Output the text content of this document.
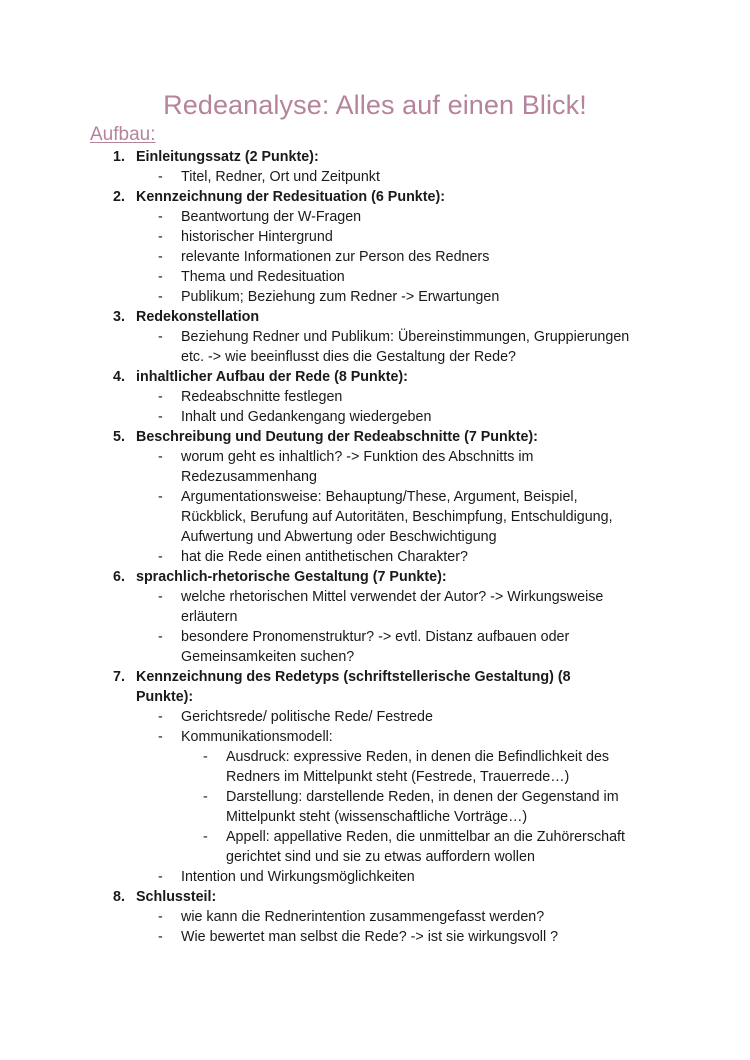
Redeanalyse: Alles auf einen Blick!
Aufbau:
1. Einleitungssatz (2 Punkte):
- Titel, Redner, Ort und Zeitpunkt
2. Kennzeichnung der Redesituation (6 Punkte):
- Beantwortung der W-Fragen
- historischer Hintergrund
- relevante Informationen zur Person des Redners
- Thema und Redesituation
- Publikum; Beziehung zum Redner -> Erwartungen
3. Redekonstellation
- Beziehung Redner und Publikum: Übereinstimmungen, Gruppierungen
etc. -> wie beeinflusst dies die Gestaltung der Rede?
4. inhaltlicher Aufbau der Rede (8 Punkte):
- Redeabschnitte festlegen
- Inhalt und Gedankengang wiedergeben
5. Beschreibung und Deutung der Redeabschnitte (7 Punkte):
- worum geht es inhaltlich? -> Funktion des Abschnitts im
Redezusammenhang
- Argumentationsweise: Behauptung/These, Argument, Beispiel,
Rückblick, Berufung auf Autoritäten, Beschimpfung, Entschuldigung,
Aufwertung und Abwertung oder Beschwichtigung
- hat die Rede einen antithetischen Charakter?
6. sprachlich-rhetorische Gestaltung (7 Punkte):
- welche rhetorischen Mittel verwendet der Autor? -> Wirkungsweise
erläutern
- besondere Pronomenstruktur? -> evtl. Distanz aufbauen oder
Gemeinsamkeiten suchen?
7. Kennzeichnung des Redetyps (schriftstellerische Gestaltung) (8
Punkte):
- Gerichtsrede/ politische Rede/ Festrede
- Kommunikationsmodell:
- Ausdruck: expressive Reden, in denen die Befindlichkeit des
Redners im Mittelpunkt steht (Festrede, Trauerrede…)
- Darstellung: darstellende Reden, in denen der Gegenstand im
Mittelpunkt steht (wissenschaftliche Vorträge…)
- Appell: appellative Reden, die unmittelbar an die Zuhörerschaft
gerichtet sind und sie zu etwas auffordern wollen
- Intention und Wirkungsmöglichkeiten
8. Schlussteil:
- wie kann die Rednerintention zusammengefasst werden?
- Wie bewertet man selbst die Rede? -> ist sie wirkungsvoll ?
